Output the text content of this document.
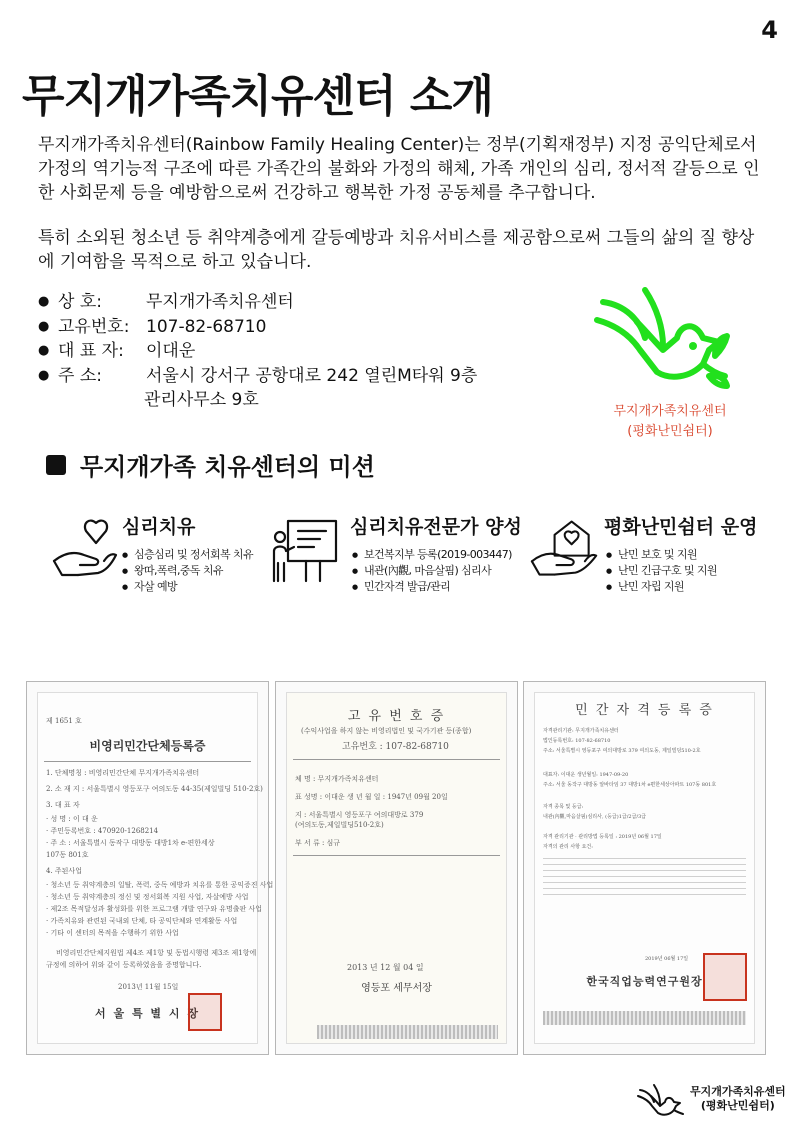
4
무지개가족치유센터 소개
무지개가족치유센터(Rainbow Family Healing Center)는 정부(기획재정부) 지정 공익단체로서 가정의 역기능적 구조에 따른 가족간의 불화와 가정의 해체, 가족 개인의 심리, 정서적 갈등으로 인한 사회문제 등을 예방함으로써 건강하고 행복한 가정 공동체를 추구합니다.
특히 소외된 청소년 등 취약계층에게 갈등예방과 치유서비스를 제공함으로써 그들의 삶의 질 향상에 기여함을 목적으로 하고 있습니다.
● 상 호:	무지개가족치유센터
● 고유번호: 107-82-68710
● 대 표 자:	이대운
● 주 소:	서울시 강서구 공항대로 242 열린M타워 9층
관리사무소 9호
무지개가족치유센터
(평화난민쉼터)
무지개가족 치유센터의 미션
심리치유
● 심층심리 및 정서회복 치유
● 왕따,폭력,중독 치유
● 자살 예방
심리치유전문가 양성
● 보건복지부 등록(2019-003447)
● 내관(內觀, 마음살핌) 심리사
● 민간자격 발급/관리
평화난민쉼터 운영
● 난민 보호 및 지원
● 난민 긴급구호 및 지원
● 난민 자립 지원
제 1651 호
비영리민간단체등록증
1. 단체명칭 : 비영리민간단체 무지개가족치유센터
2. 소 재 지 : 서울특별시 영등포구 여의도동 44-35(제일빌딩 510-2호)
3. 대 표 자
· 성 명 : 이 대 운
· 주민등록번호 : 470920-1268214
· 주 소 : 서울특별시 동작구 대방동 대방1차 e-편한세상
107동 801호
4. 주된사업
· 청소년 등 취약계층의 일탈, 폭력, 중독 예방과 치유를 통한 공익증진 사업
· 청소년 등 취약계층의 정신 및 정서회복 지원 사업, 자살예방 사업
· 제2조 목적달성과 활성화를 위한 프로그램 개발 연구와 유명출판 사업
· 가족치유와 관련된 국내외 단체, 타 공익단체와 연계활동 사업
· 기타 이 센터의 목적을 수행하기 위한 사업
비영리민간단체지원법 제4조 제1항 및 동법시행령 제3조 제1항에
규정에 의하여 위와 같이 등록하였음을 증명합니다.
2013년 11월 15일
서 울 특 별 시 장
고 유 번 호 증
(수익사업을 하지 않는 비영리법인 및 국가기관 등(종합)
고유번호 : 107-82-68710
체 명 : 무지개가족치유센터
표 성명 : 이대운 생 년 월 일 : 1947년 09월 20일
지 : 서울특별시 영등포구 여의대방로 379
(여의도동,제일빌딩510-2호)
부 서 류 : 심규
2013 년 12 월 04 일
영등포 세무서장
민 간 자 격 등 록 증
자격관리기관: 무지개가족치유센터
법인등록번호: 107-82-68710
주소: 서울특별시 영등포구 여의대방로 379 여의도동, 제일빌딩510-2호
대표자: 이대운 생년월일: 1947-09-20
주소: 서울 동작구 대방동 알바타임 37 대방1차 e편한세상아파트 107동 801호
자격 종목 및 등급:
내관(內觀,마음살핌)심리사, (등급)1급/2급/3급
자격 관리기관 · 관리방법 등록일 : 2019년 06월 17일
자격의 관리 사항 요건:
2019년 06월 17일
한국직업능력연구원장
무지개가족치유센터
(평화난민쉼터)
